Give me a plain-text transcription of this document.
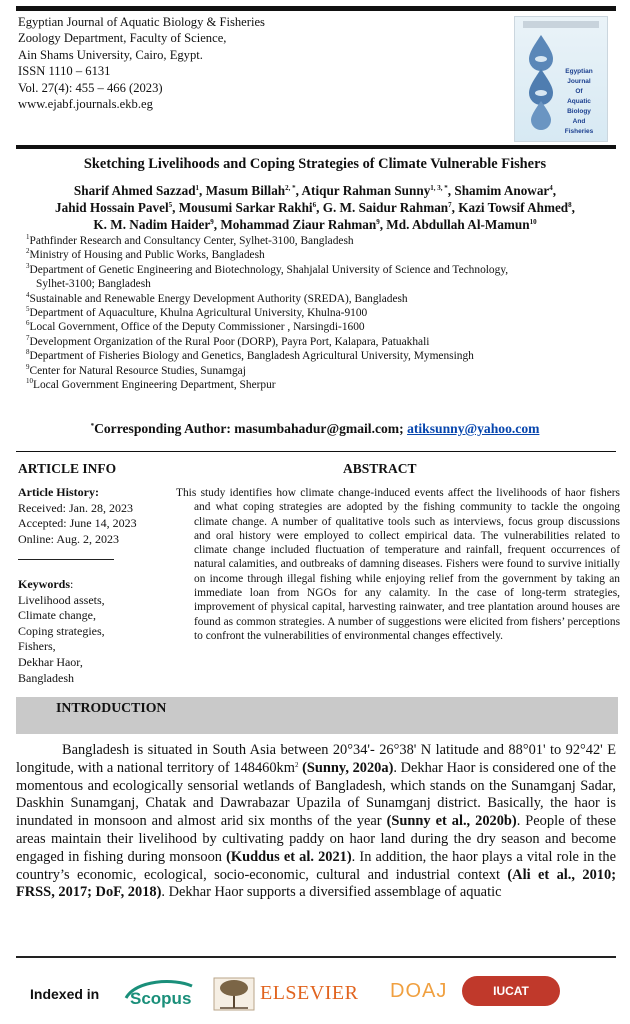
Egyptian Journal of Aquatic Biology & Fisheries
Zoology Department, Faculty of Science,
Ain Shams University, Cairo, Egypt.
ISSN 1110 – 6131
Vol. 27(4): 455 – 466 (2023)
www.ejabf.journals.ekb.eg
Egyptian Journal
Of
Aquatic Biology
And
Fisheries
Sketching Livelihoods and Coping Strategies of Climate Vulnerable Fishers
Sharif Ahmed Sazzad$^1$, Masum Billah$^{2, *}$, Atiqur Rahman Sunny$^{1, 3, *}$, Shamim Anowar$^4$,
Jahid Hossain Pavel$^5$, Mousumi Sarkar Rakhi$^6$, G. M. Saidur Rahman$^7$, Kazi Towsif Ahmed$^8$,
K. M. Nadim Haider$^9$, Mohammad Ziaur Rahman$^9$, Md. Abdullah Al-Mamun$^{10}$
$^1$Pathfinder Research and Consultancy Center, Sylhet-3100, Bangladesh
$^2$Ministry of Housing and Public Works, Bangladesh
$^3$Department of Genetic Engineering and Biotechnology, Shahjalal University of Science and Technology,
Sylhet-3100; Bangladesh
$^4$Sustainable and Renewable Energy Development Authority (SREDA), Bangladesh
$^5$Department of Aquaculture, Khulna Agricultural University, Khulna-9100
$^6$Local Government, Office of the Deputy Commissioner , Narsingdi-1600
$^7$Development Organization of the Rural Poor (DORP), Payra Port, Kalapara, Patuakhali
$^8$Department of Fisheries Biology and Genetics, Bangladesh Agricultural University, Mymensingh
$^9$Center for Natural Resource Studies, Sunamgaj
$^{10}$Local Government Engineering Department, Sherpur
*Corresponding Author: masumbahadur@gmail.com; atiksunny@yahoo.com
ARTICLE INFO	ABSTRACT
Article History:
Received: Jan. 28, 2023
Accepted: June 14, 2023
Online: Aug. 2, 2023
Keywords:
Livelihood assets,
Climate change,
Coping strategies,
Fishers,
Dekhar Haor,
Bangladesh
This study identifies how climate change-induced events affect the livelihoods of haor fishers and what coping strategies are adopted by the fishing community to tackle the ongoing climate change. A number of qualitative tools such as interviews, focus group discussions and oral history were employed to collect empirical data. The vulnerabilities related to climate change included fluctuation of temperature and rainfall, frequent occurrences of natural calamities, and outbreaks of damning diseases. Fishers were found to survive initially on income through illegal fishing while enjoying relief from the government by taking an immediate loan from NGOs for any calamity. In the case of long-term strategies, improvement of physical capital, harvesting rainwater, and tree plantation around houses are found as common strategies. A number of suggestions were elicited from fishers’ perceptions to confront the vulnerabilities of environmental changes effectively.
INTRODUCTION
Bangladesh is situated in South Asia between 20°34'- 26°38' N latitude and 88°01' to 92°42' E longitude, with a national territory of $148460km^2$ (Sunny, 2020a). Dekhar Haor is considered one of the momentous and ecologically sensorial wetlands of Bangladesh, which stands on the Sunamganj Sadar, Daskhin Sunamganj, Chatak and Dawrabazar Upazila of Sunamganj district. Basically, the haor is inundated in monsoon and almost arid six months of the year (Sunny et al., 2020b). People of these areas maintain their livelihood by cultivating paddy on haor land during the dry season and become engaged in fishing during monsoon (Kuddus et al. 2021). In addition, the haor plays a vital role in the country’s economic, ecological, socio-economic, cultural and industrial context (Ali et al., 2010; FRSS, 2017; DoF, 2018). Dekhar Haor supports a diversified assemblage of aquatic
Indexed in Scopus	ELSEVIER DOAJ	IUCAT
